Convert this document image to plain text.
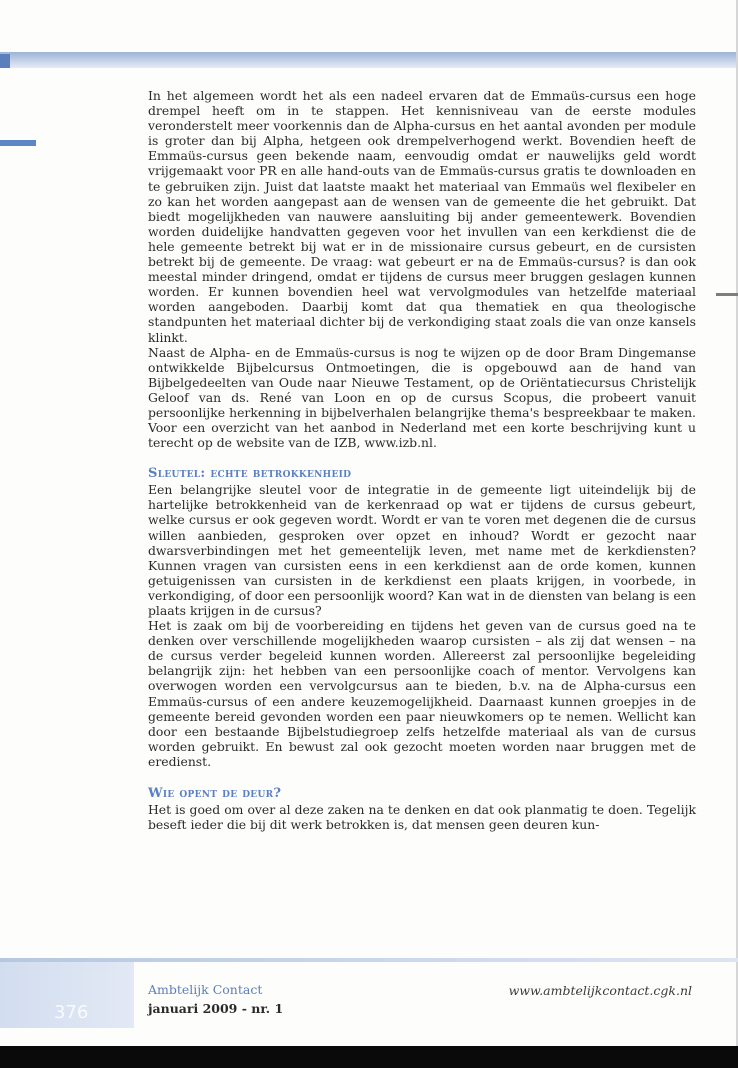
In het algemeen wordt het als een nadeel ervaren dat de Emmaüs-cursus een hoge drempel heeft om in te stappen. Het kennisniveau van de eerste modules veronderstelt meer voorkennis dan de Alpha-cursus en het aantal avonden per module is groter dan bij Alpha, hetgeen ook drempelverhogend werkt. Bovendien heeft de Emmaüs-cursus geen bekende naam, eenvoudig omdat er nauwelijks geld wordt vrijgemaakt voor PR en alle hand-outs van de Emmaüs-cursus gratis te downloaden en te gebruiken zijn. Juist dat laatste maakt het materiaal van Emmaüs wel flexibeler en zo kan het worden aangepast aan de wensen van de gemeente die het gebruikt. Dat biedt mogelijkheden van nauwere aansluiting bij ander gemeentewerk. Bovendien worden duidelijke handvatten gegeven voor het invullen van een kerkdienst die de hele gemeente betrekt bij wat er in de missionaire cursus gebeurt, en de cursisten betrekt bij de gemeente. De vraag: wat gebeurt er na de Emmaüs-cursus? is dan ook meestal minder dringend, omdat er tijdens de cursus meer bruggen geslagen kunnen worden. Er kunnen bovendien heel wat vervolgmodules van hetzelfde materiaal worden aangeboden. Daarbij komt dat qua thematiek en qua theologische standpunten het materiaal dichter bij de verkondiging staat zoals die van onze kansels klinkt.

Naast de Alpha- en de Emmaüs-cursus is nog te wijzen op de door Bram Dingemanse ontwikkelde Bijbelcursus Ontmoetingen, die is opgebouwd aan de hand van Bijbelgedeelten van Oude naar Nieuwe Testament, op de Oriëntatiecursus Christelijk Geloof van ds. René van Loon en op de cursus Scopus, die probeert vanuit persoonlijke herkenning in bijbelverhalen belangrijke thema's bespreekbaar te maken. Voor een overzicht van het aanbod in Nederland met een korte beschrijving kunt u terecht op de website van de IZB, www.izb.nl.

Sleutel: echte betrokkenheid

Een belangrijke sleutel voor de integratie in de gemeente ligt uiteindelijk bij de hartelijke betrokkenheid van de kerkenraad op wat er tijdens de cursus gebeurt, welke cursus er ook gegeven wordt. Wordt er van te voren met degenen die de cursus willen aanbieden, gesproken over opzet en inhoud? Wordt er gezocht naar dwarsverbindingen met het gemeentelijk leven, met name met de kerkdiensten? Kunnen vragen van cursisten eens in een kerkdienst aan de orde komen, kunnen getuigenissen van cursisten in de kerkdienst een plaats krijgen, in voorbede, in verkondiging, of door een persoonlijk woord? Kan wat in de diensten van belang is een plaats krijgen in de cursus?

Het is zaak om bij de voorbereiding en tijdens het geven van de cursus goed na te denken over verschillende mogelijkheden waarop cursisten – als zij dat wensen – na de cursus verder begeleid kunnen worden. Allereerst zal persoonlijke begeleiding belangrijk zijn: het hebben van een persoonlijke coach of mentor. Vervolgens kan overwogen worden een vervolgcursus aan te bieden, b.v. na de Alpha-cursus een Emmaüs-cursus of een andere keuzemogelijkheid. Daarnaast kunnen groepjes in de gemeente bereid gevonden worden een paar nieuwkomers op te nemen. Wellicht kan door een bestaande Bijbelstudiegroep zelfs hetzelfde materiaal als van de cursus worden gebruikt. En bewust zal ook gezocht moeten worden naar bruggen met de eredienst.

Wie opent de deur?

Het is goed om over al deze zaken na te denken en dat ook planmatig te doen. Tegelijk beseft ieder die bij dit werk betrokken is, dat mensen geen deuren kun-

376
Ambtelijk Contact
januari 2009 - nr. 1
www.ambtelijkcontact.cgk.nl
